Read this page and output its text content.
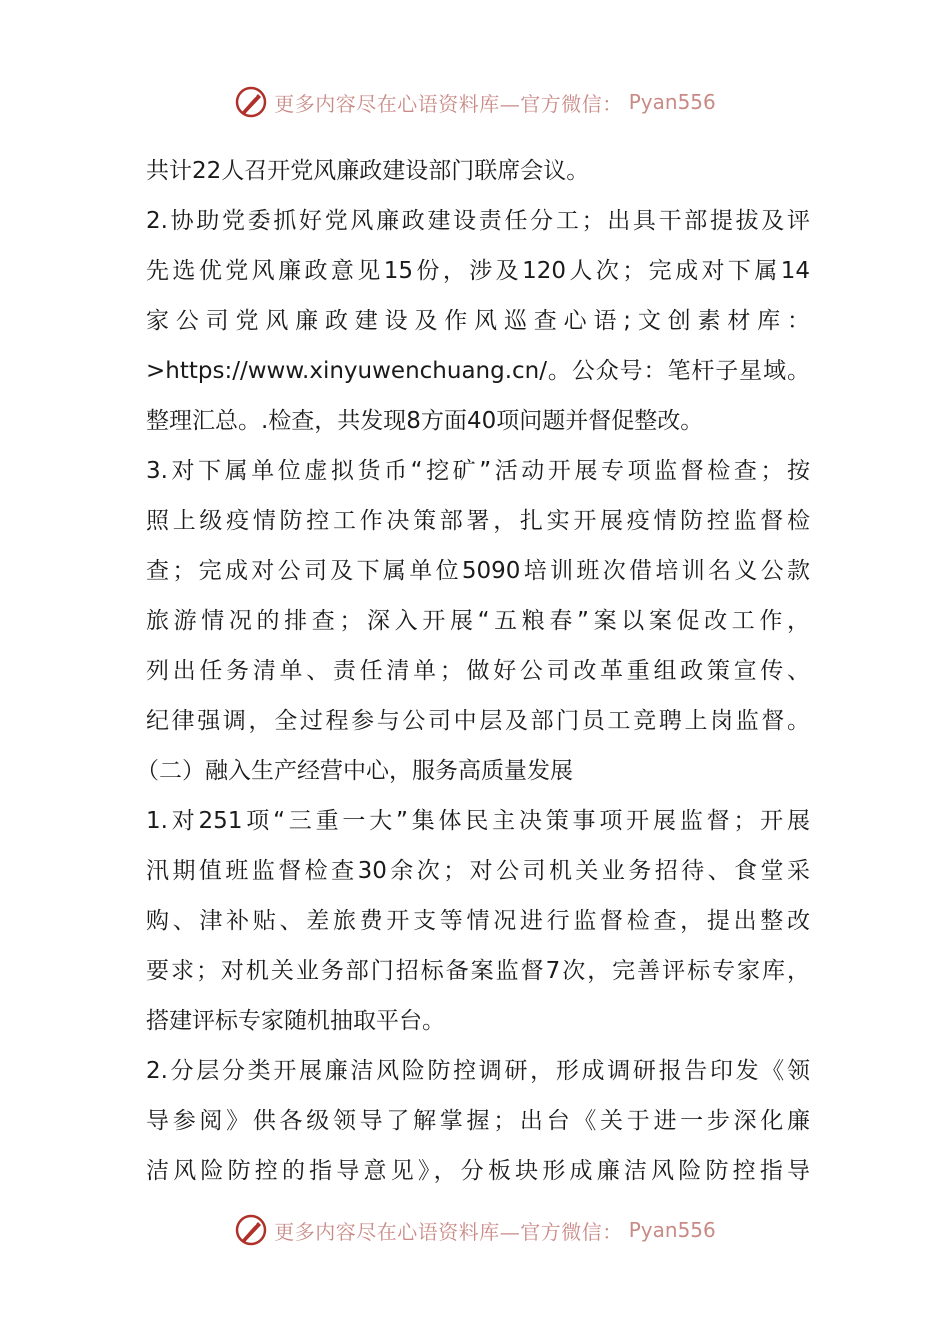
更多内容尽在心语资料库—官方微信： Pyan556
共计22人召开党风廉政建设部门联席会议。
2.协助党委抓好党风廉政建设责任分工；出具干部提拔及评
先选优党风廉政意见15份，涉及120人次；完成对下属14
家公司党风廉政建设及作风巡查心语;文创素材库：
>https://www.xinyuwenchuang.cn/。公众号：笔杆子星域。
整理汇总。.检查，共发现8方面40项问题并督促整改。
3.对下属单位虚拟货币“挖矿”活动开展专项监督检查；按
照上级疫情防控工作决策部署，扎实开展疫情防控监督检
查；完成对公司及下属单位5090培训班次借培训名义公款
旅游情况的排查；深入开展“五粮春”案以案促改工作，
列出任务清单、责任清单；做好公司改革重组政策宣传、
纪律强调，全过程参与公司中层及部门员工竞聘上岗监督。
（二）融入生产经营中心，服务高质量发展
1.对251项“三重一大”集体民主决策事项开展监督；开展
汛期值班监督检查30余次；对公司机关业务招待、食堂采
购、津补贴、差旅费开支等情况进行监督检查，提出整改
要求；对机关业务部门招标备案监督7次，完善评标专家库，
搭建评标专家随机抽取平台。
2.分层分类开展廉洁风险防控调研，形成调研报告印发《领
导参阅》供各级领导了解掌握；出台《关于进一步深化廉
洁风险防控的指导意见》，分板块形成廉洁风险防控指导
更多内容尽在心语资料库—官方微信： Pyan556
